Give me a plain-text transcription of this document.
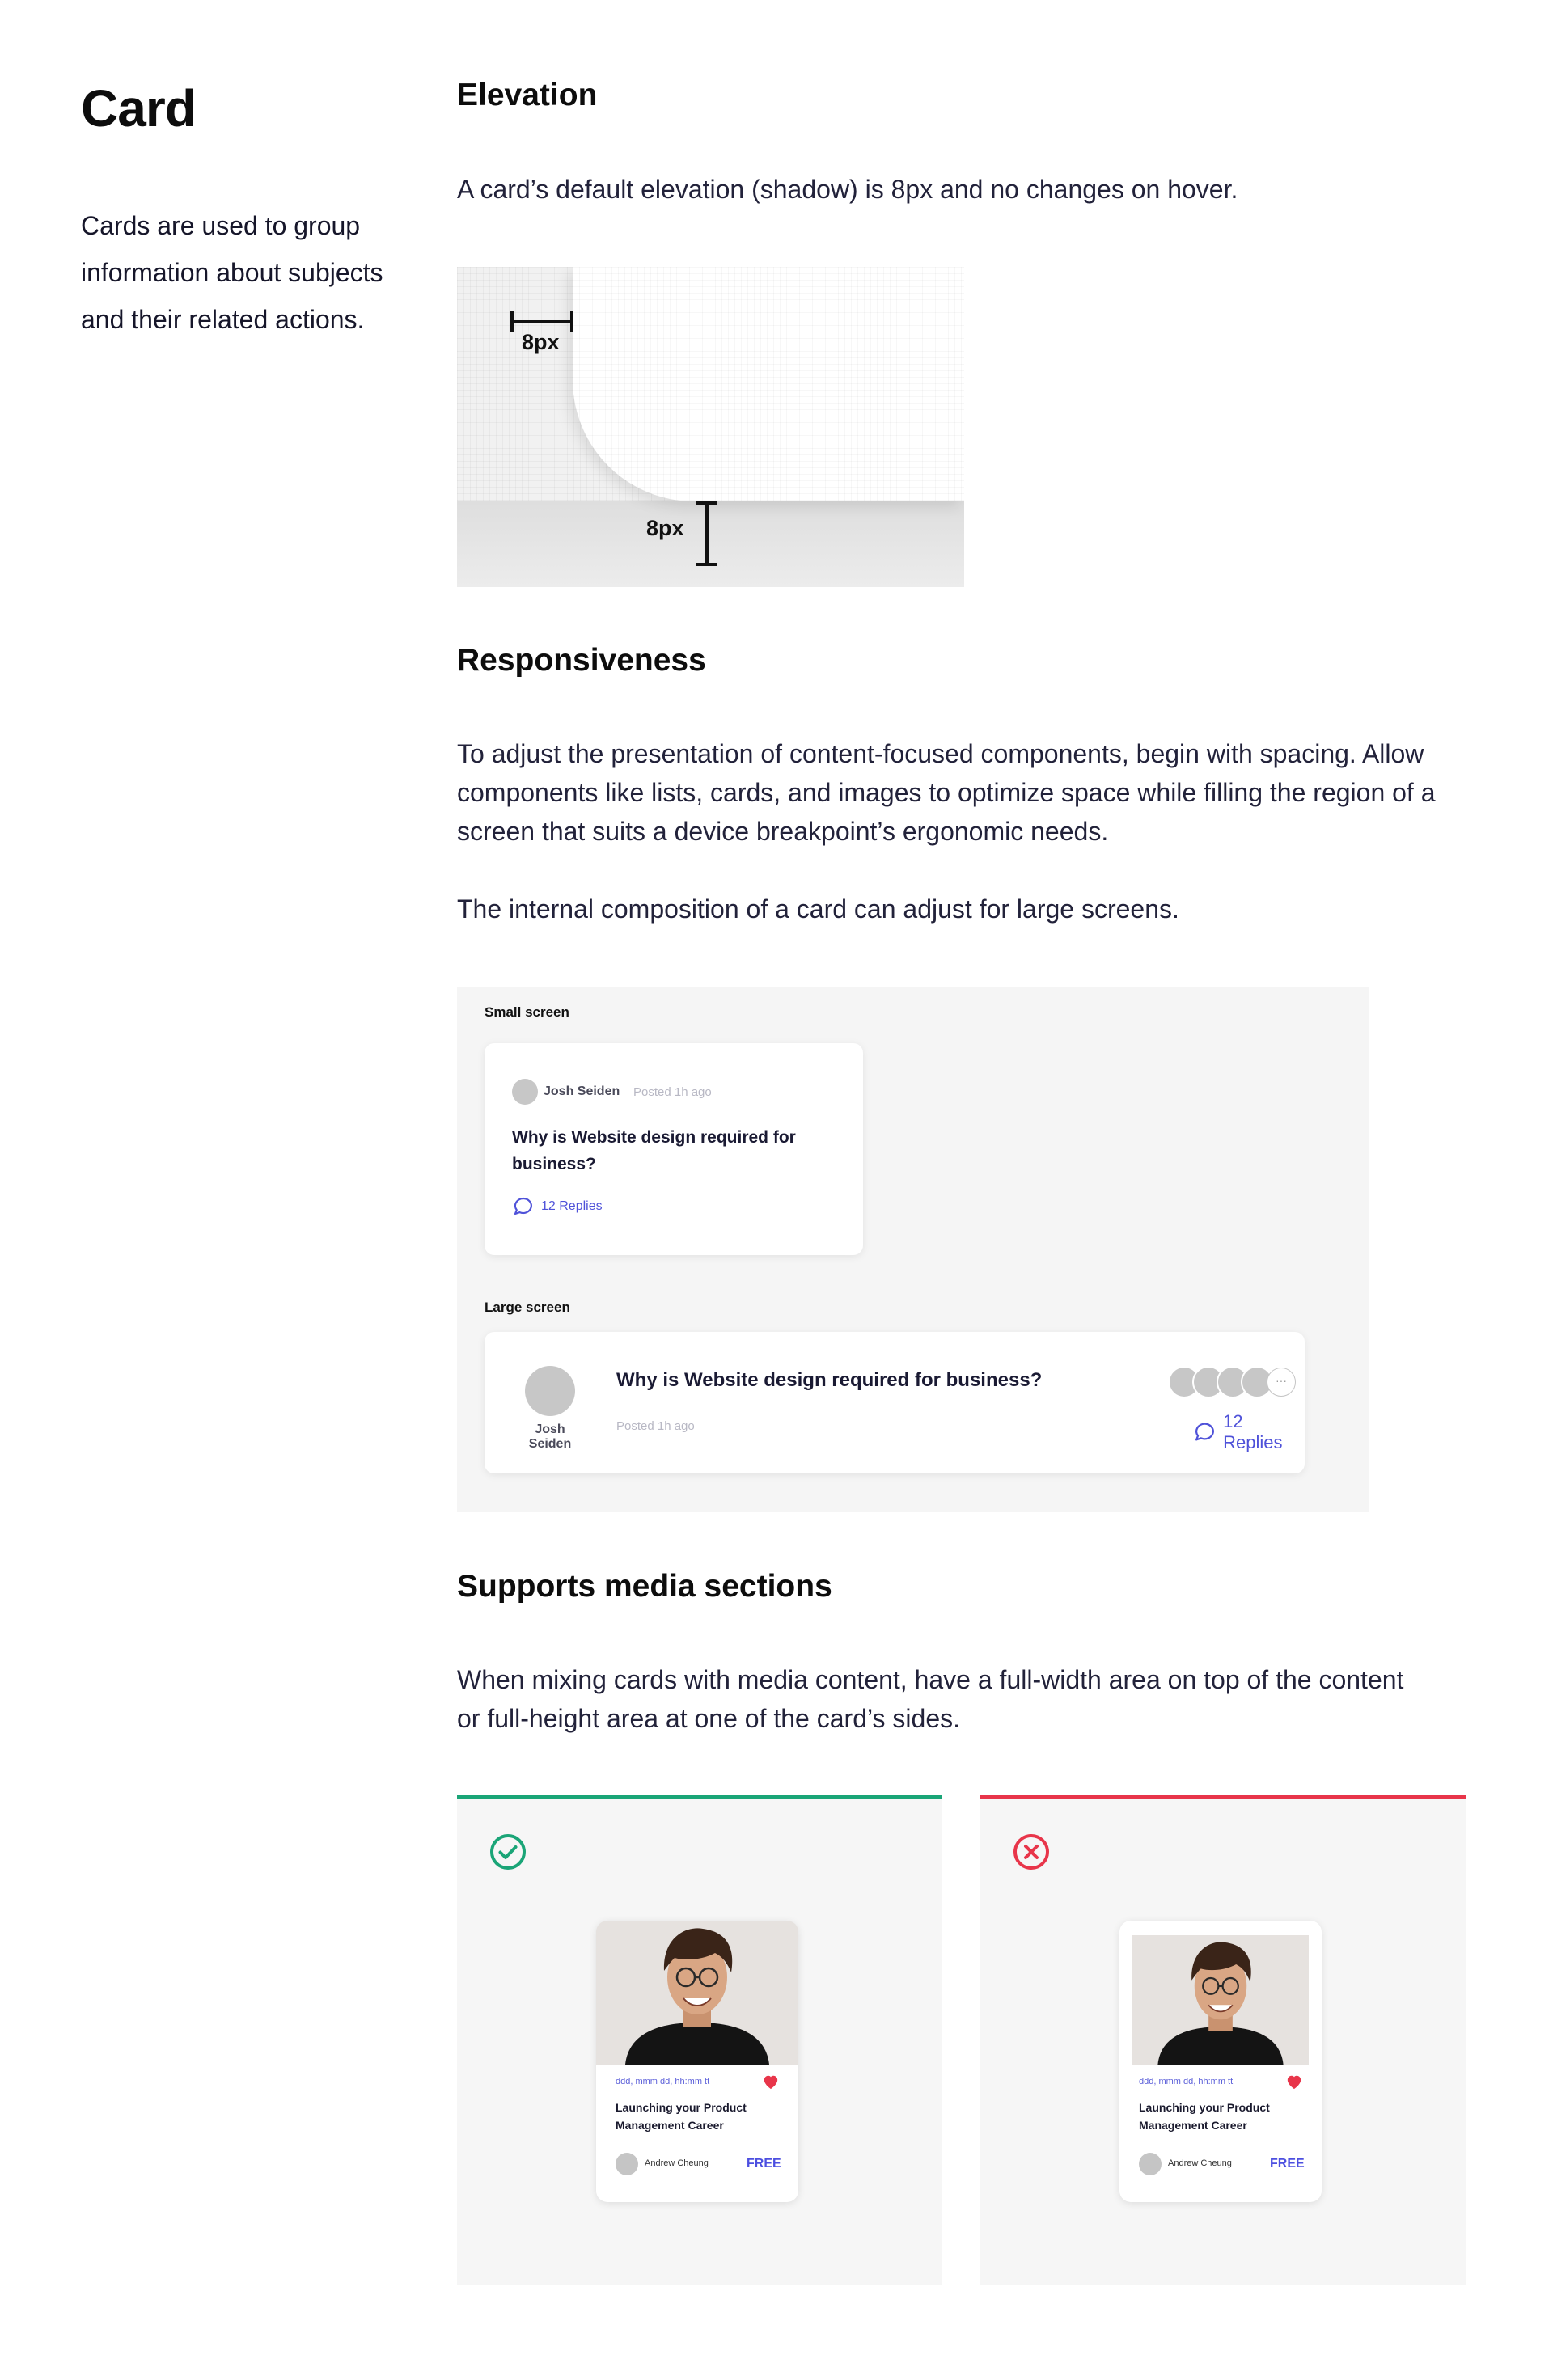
Card

Cards are used to group information about subjects and their related actions.

Elevation

A card’s default elevation (shadow) is 8px and no changes on hover.

8px
8px
Responsiveness

To adjust the presentation of content-focused components, begin with spacing. Allow components like lists, cards, and images to optimize space while filling the region of a screen that suits a device breakpoint’s ergonomic needs.

The internal composition of a card can adjust for large screens.

Small screen
Josh Seiden Posted 1h ago
Why is Website design required for business?
12 Replies
Large screen
Josh Seiden
Why is Website design required for business?
Posted 1h ago
···
12 Replies
Supports media sections

When mixing cards with media content, have a full-width area on top of the content or full-height area at one of the card’s sides.

ddd, mmm dd, hh:mm tt
Launching your Product Management Career
Andrew Cheung	FREE
ddd, mmm dd, hh:mm tt
Launching your Product Management Career
Andrew Cheung	FREE
